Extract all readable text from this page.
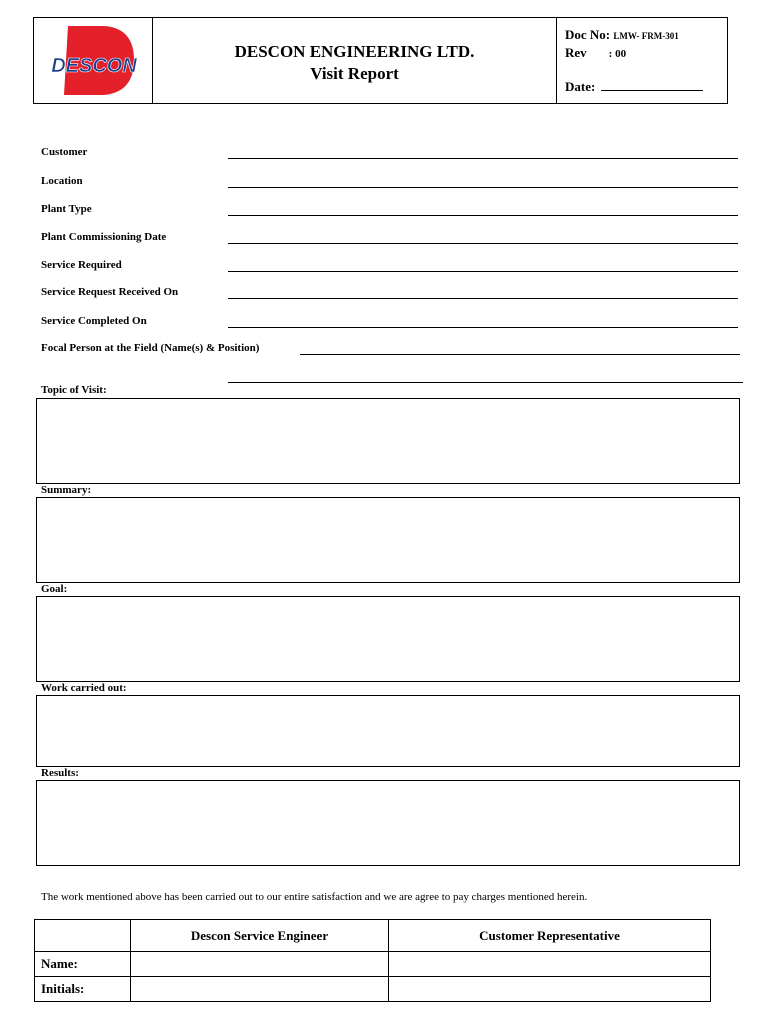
DESCON
DESCON ENGINEERING LTD.
Visit Report
Doc No: LMW- FRM-301
Rev : 00
Date:
Customer
Location
Plant Type
Plant Commissioning Date
Service Required
Service Request Received On
Service Completed On
Focal Person at the Field (Name(s) & Position)
Topic of Visit:
Summary:
Goal:
Work carried out:
Results:
The work mentioned above has been carried out to our entire satisfaction and we are agree to pay charges mentioned herein.
	Descon Service Engineer	Customer Representative
Name:		
Initials:		
